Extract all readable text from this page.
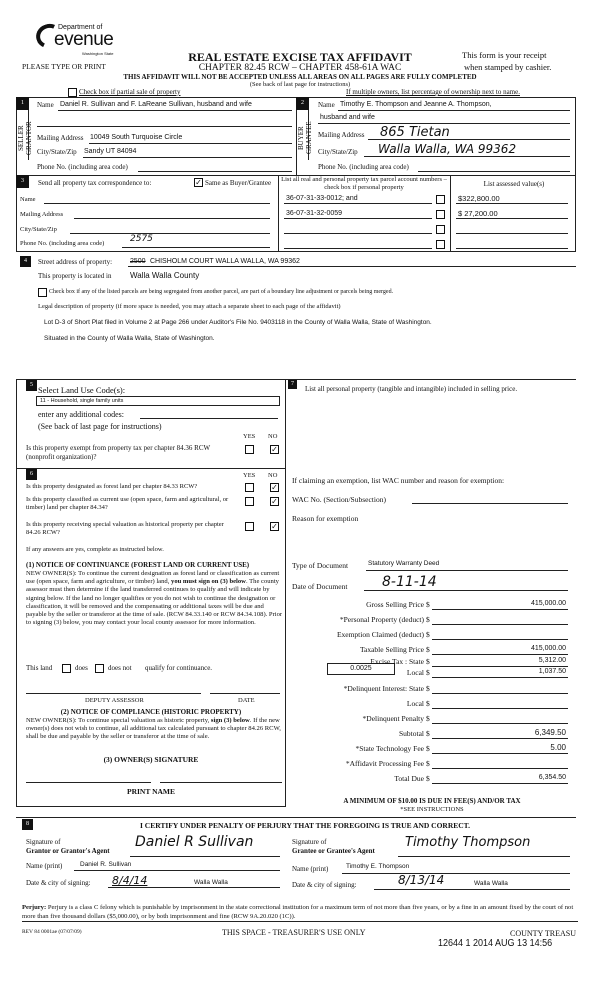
Department of
evenue
Washington State
PLEASE TYPE OR PRINT
REAL ESTATE EXCISE TAX AFFIDAVIT
CHAPTER 82.45 RCW – CHAPTER 458-61A WAC
This form is your receipt
when stamped by cashier.
THIS AFFIDAVIT WILL NOT BE ACCEPTED UNLESS ALL AREAS ON ALL PAGES ARE FULLY COMPLETED
(See back of last page for instructions)
Check box if partial sale of property	If multiple owners, list percentage of ownership next to name.
1
SELLER GRANTOR
Name Daniel R. Sullivan and F. LaReane Sullivan, husband and wife
Mailing Address 10049 South Turquoise Circle
City/State/Zip Sandy UT 84094
Phone No. (including area code)
2
BUYER GRANTEE
Name Timothy E. Thompson and Jeanne A. Thompson,
husband and wife
Mailing Address 865 Tietan
City/State/Zip Walla Walla, WA 99362
Phone No. (including area code)
3	Send all property tax correspondence to:	✓ Same as Buyer/Grantee
Name
Mailing Address
City/State/Zip
Phone No. (including area code)	2575
List all real and personal property tax parcel account numbers – check box if personal property	List assessed value(s)
36-07-31-33-0012; and	$322,800.00
36-07-31-32-0059	$ 27,200.00
4	Street address of property:	2500 CHISHOLM COURT WALLA WALLA, WA 99362
This property is located in Walla Walla County
Check box if any of the listed parcels are being segregated from another parcel, are part of a boundary line adjustment or parcels being merged.
Legal description of property (if more space is needed, you may attach a separate sheet to each page of the affidavit)
Lot D-3 of Short Plat filed in Volume 2 at Page 266 under Auditor's File No. 9403118 in the County of Walla Walla, State of Washington.
Situated in the County of Walla Walla, State of Washington.
5 Select Land Use Code(s):
11 - Household, single family units
enter any additional codes:
(See back of last page for instructions)
YES NO
Is this property exempt from property tax per chapter 84.36 RCW (nonprofit organization)?
✓
6	YES NO
Is this property designated as forest land per chapter 84.33 RCW?	✓
Is this property classified as current use (open space, farm and agricultural, or timber) land per chapter 84.34?
✓
Is this property receiving special valuation as historical property per chapter 84.26 RCW?
✓
If any answers are yes, complete as instructed below.
(1) NOTICE OF CONTINUANCE (FOREST LAND OR CURRENT USE)
NEW OWNER(S): To continue the current designation as forest land or classification as current use (open space, farm and agriculture, or timber) land, you must sign on (3) below. The county assessor must then determine if the land transferred continues to qualify and will indicate by signing below. If the land no longer qualifies or you do not wish to continue the designation or classification, it will be removed and the compensating or additional taxes will be due and payable by the seller or transferor at the time of sale. (RCW 84.33.140 or RCW 84.34.108). Prior to signing (3) below, you may contact your local county assessor for more information.
This land	does	does not qualify for continuance.
DEPUTY ASSESSOR	DATE
(2) NOTICE OF COMPLIANCE (HISTORIC PROPERTY)
NEW OWNER(S): To continue special valuation as historic property, sign (3) below. If the new owner(s) does not wish to continue, all additional tax calculated pursuant to chapter 84.26 RCW, shall be due and payable by the seller or transferor at the time of sale.
(3) OWNER(S) SIGNATURE
PRINT NAME
7
List all personal property (tangible and intangible) included in selling price.
If claiming an exemption, list WAC number and reason for exemption:
WAC No. (Section/Subsection)
Reason for exemption
Type of Document	Statutory Warranty Deed
Date of Document 8-11-14
0.0025
Gross Selling Price $	415,000.00
*Personal Property (deduct) $
Exemption Claimed (deduct) $
Taxable Selling Price $	415,000.00
Excise Tax : State $	5,312.00
Local $	1,037.50
*Delinquent Interest: State $
Local $
*Delinquent Penalty $
Subtotal $	6,349.50
*State Technology Fee $	5.00
*Affidavit Processing Fee $
Total Due $	6,354.50
A MINIMUM OF $10.00 IS DUE IN FEE(S) AND/OR TAX
*SEE INSTRUCTIONS
8	I CERTIFY UNDER PENALTY OF PERJURY THAT THE FOREGOING IS TRUE AND CORRECT.
Signature of
Grantor or Grantor's Agent
Daniel R Sullivan
Name (print)	Daniel R. Sullivan
Date & city of signing: 8/4/14	Walla Walla
Signature of
Grantee or Grantee's Agent
Timothy Thompson
Name (print)	Timothy E. Thompson
Date & city of signing:	8/13/14	Walla Walla
Perjury: Perjury is a class C felony which is punishable by imprisonment in the state correctional institution for a maximum term of not more than five years, or by a fine in an amount fixed by the court of not more than five thousand dollars ($5,000.00), or by both imprisonment and fine (RCW 9A.20.020 (1C)).
REV 84 0001ae (07/07/09)	THIS SPACE - TREASURER'S USE ONLY	COUNTY TREASU
12644 1 2014 AUG 13 14:56
